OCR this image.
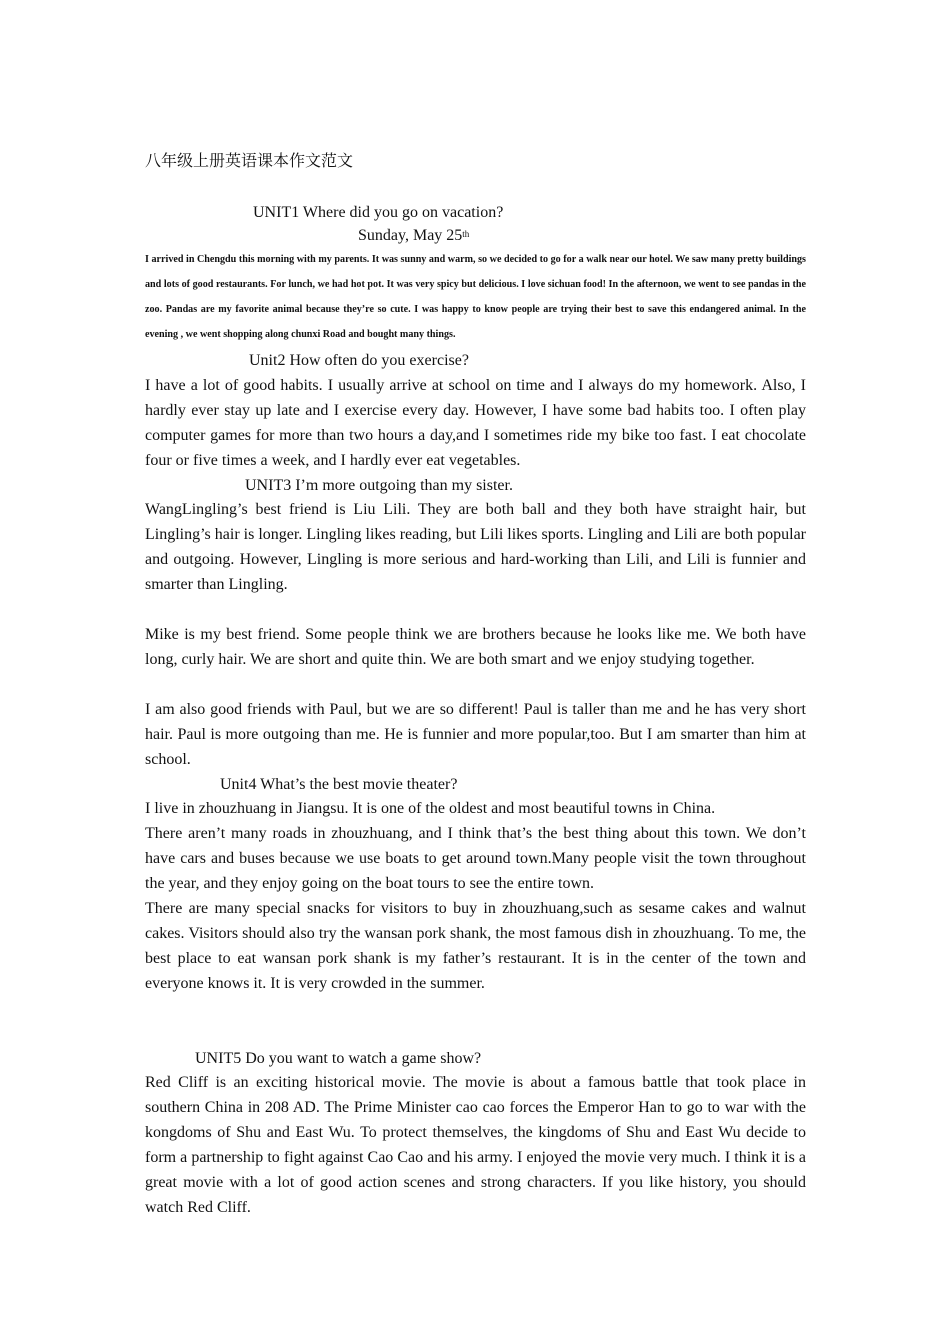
八年级上册英语课本作文范文
UNIT1 Where did you go on vacation?
Sunday, May 25th
I arrived in Chengdu this morning with my parents. It was sunny and warm, so we decided to go for a walk near our hotel. We saw many pretty buildings and lots of good restaurants. For lunch, we had hot pot. It was very spicy but delicious. I love sichuan food! In the afternoon, we went to see pandas in the zoo. Pandas are my favorite animal because they’re so cute. I was happy to know people are trying their best to save this endangered animal. In the evening , we went shopping along chunxi Road and bought many things.
Unit2 How often do you exercise?
I have a lot of good habits. I usually arrive at school on time and I always do my homework. Also, I hardly ever stay up late and I exercise every day. However, I have some bad habits too. I often play computer games for more than two hours a day,and I sometimes ride my bike too fast. I eat chocolate four or five times a week, and I hardly ever eat vegetables.
UNIT3 I’m more outgoing than my sister.
WangLingling’s best friend is Liu Lili. They are both ball and they both have straight hair, but Lingling’s hair is longer. Lingling likes reading, but Lili likes sports. Lingling and Lili are both popular and outgoing. However, Lingling is more serious and hard-working than Lili, and Lili is funnier and smarter than Lingling.
Mike is my best friend. Some people think we are brothers because he looks like me. We both have long, curly hair. We are short and quite thin. We are both smart and we enjoy studying together.
I am also good friends with Paul, but we are so different! Paul is taller than me and he has very short hair. Paul is more outgoing than me. He is funnier and more popular,too. But I am smarter than him at school.
Unit4 What’s the best movie theater?
I live in zhouzhuang in Jiangsu. It is one of the oldest and most beautiful towns in China.
There aren’t many roads in zhouzhuang, and I think that’s the best thing about this town. We don’t have cars and buses because we use boats to get around town.Many people visit the town throughout the year, and they enjoy going on the boat tours to see the entire town.
There are many special snacks for visitors to buy in zhouzhuang,such as sesame cakes and walnut cakes. Visitors should also try the wansan pork shank, the most famous dish in zhouzhuang. To me, the best place to eat wansan pork shank is my father’s restaurant. It is in the center of the town and everyone knows it. It is very crowded in the summer.
UNIT5 Do you want to watch a game show?
Red Cliff is an exciting historical movie. The movie is about a famous battle that took place in southern China in 208 AD. The Prime Minister cao cao forces the Emperor Han to go to war with the kongdoms of Shu and East Wu. To protect themselves, the kingdoms of Shu and East Wu decide to form a partnership to fight against Cao Cao and his army. I enjoyed the movie very much. I think it is a great movie with a lot of good action scenes and strong characters. If you like history, you should watch Red Cliff.
